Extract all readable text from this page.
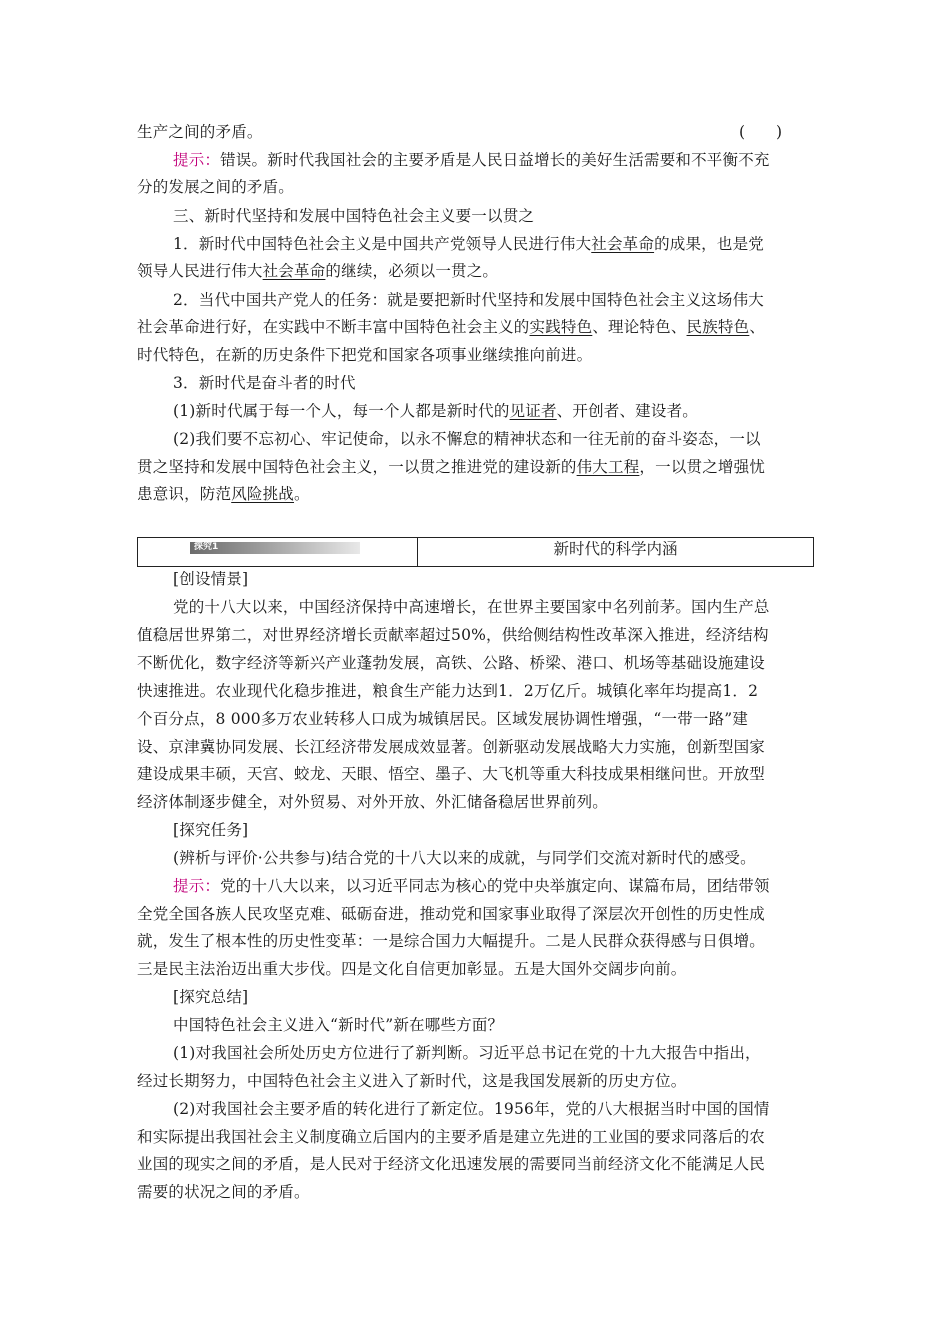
生产之间的矛盾。	(　　)
提示：错误。新时代我国社会的主要矛盾是人民日益增长的美好生活需要和不平衡不充
分的发展之间的矛盾。
三、新时代坚持和发展中国特色社会主义要一以贯之
1．新时代中国特色社会主义是中国共产党领导人民进行伟大社会革命的成果，也是党
领导人民进行伟大社会革命的继续，必须以一贯之。
2．当代中国共产党人的任务：就是要把新时代坚持和发展中国特色社会主义这场伟大
社会革命进行好，在实践中不断丰富中国特色社会主义的实践特色、理论特色、民族特色、
时代特色，在新的历史条件下把党和国家各项事业继续推向前进。
3．新时代是奋斗者的时代
(1)新时代属于每一个人，每一个人都是新时代的见证者、开创者、建设者。
(2)我们要不忘初心、牢记使命，以永不懈怠的精神状态和一往无前的奋斗姿态，一以
贯之坚持和发展中国特色社会主义，一以贯之推进党的建设新的伟大工程，一以贯之增强忧
患意识，防范风险挑战。
探究1	新时代的科学内涵
[创设情景]
党的十八大以来，中国经济保持中高速增长，在世界主要国家中名列前茅。国内生产总
值稳居世界第二，对世界经济增长贡献率超过50%，供给侧结构性改革深入推进，经济结构
不断优化，数字经济等新兴产业蓬勃发展，高铁、公路、桥梁、港口、机场等基础设施建设
快速推进。农业现代化稳步推进，粮食生产能力达到1．2万亿斤。城镇化率年均提高1．2
个百分点，8 000多万农业转移人口成为城镇居民。区域发展协调性增强，“一带一路”建
设、京津冀协同发展、长江经济带发展成效显著。创新驱动发展战略大力实施，创新型国家
建设成果丰硕，天宫、蛟龙、天眼、悟空、墨子、大飞机等重大科技成果相继问世。开放型
经济体制逐步健全，对外贸易、对外开放、外汇储备稳居世界前列。
[探究任务]
(辨析与评价·公共参与)结合党的十八大以来的成就，与同学们交流对新时代的感受。
提示：党的十八大以来，以习近平同志为核心的党中央举旗定向、谋篇布局，团结带领
全党全国各族人民攻坚克难、砥砺奋进，推动党和国家事业取得了深层次开创性的历史性成
就，发生了根本性的历史性变革：一是综合国力大幅提升。二是人民群众获得感与日俱增。
三是民主法治迈出重大步伐。四是文化自信更加彰显。五是大国外交阔步向前。
[探究总结]
中国特色社会主义进入“新时代”新在哪些方面？
(1)对我国社会所处历史方位进行了新判断。习近平总书记在党的十九大报告中指出，
经过长期努力，中国特色社会主义进入了新时代，这是我国发展新的历史方位。
(2)对我国社会主要矛盾的转化进行了新定位。1956年，党的八大根据当时中国的国情
和实际提出我国社会主义制度确立后国内的主要矛盾是建立先进的工业国的要求同落后的农
业国的现实之间的矛盾，是人民对于经济文化迅速发展的需要同当前经济文化不能满足人民
需要的状况之间的矛盾。
